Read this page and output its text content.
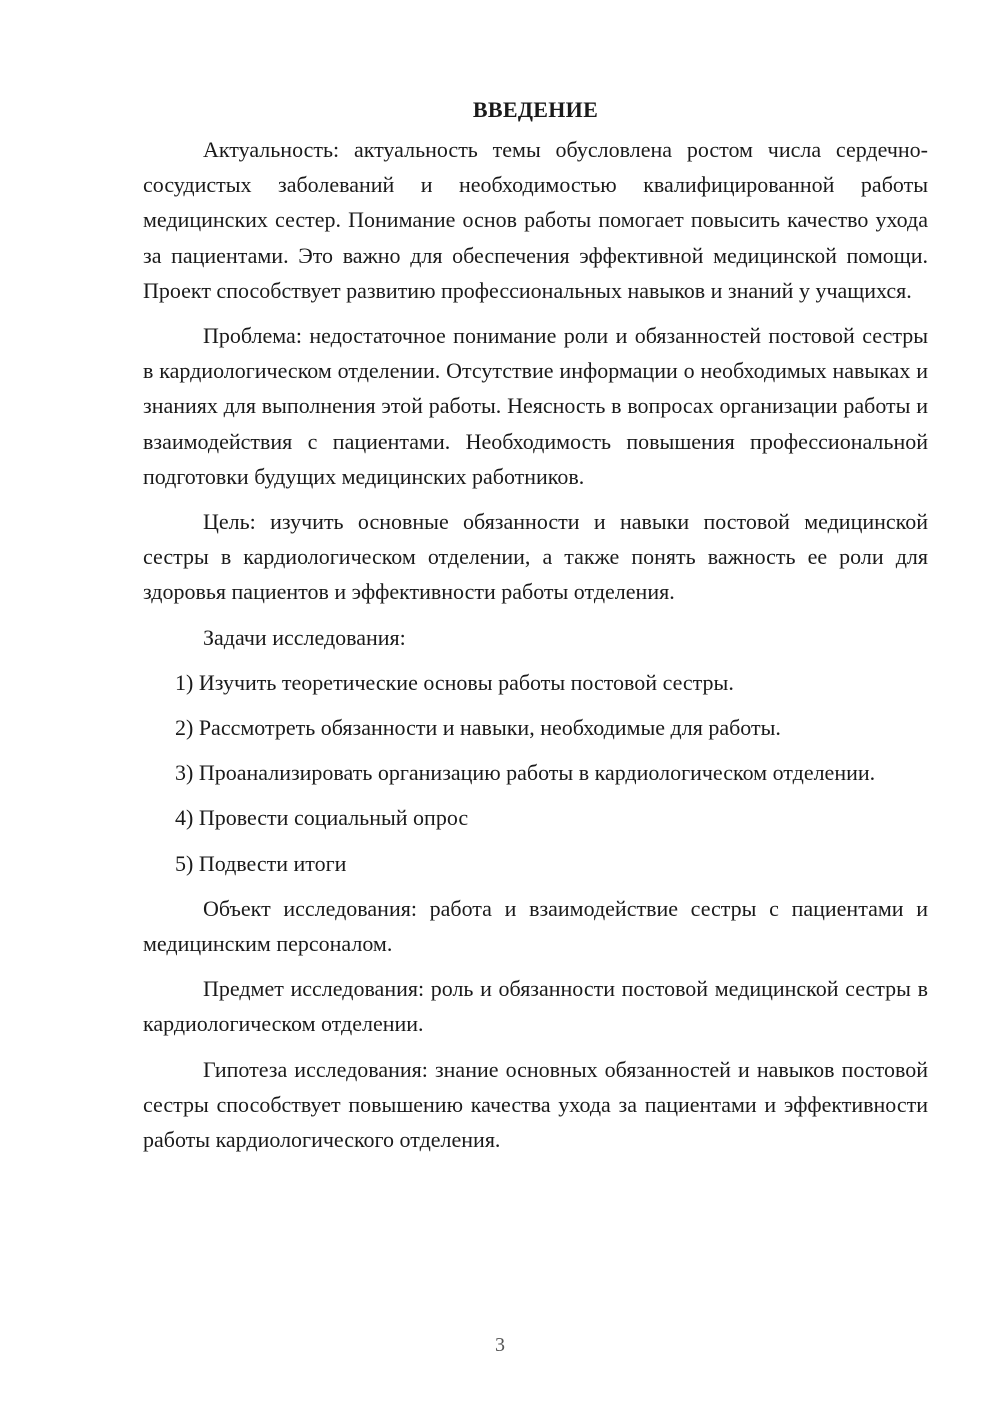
ВВЕДЕНИЕ

Актуальность: актуальность темы обусловлена ростом числа сердечно-сосудистых заболеваний и необходимостью квалифицированной работы медицинских сестер. Понимание основ работы помогает повысить качество ухода за пациентами. Это важно для обеспечения эффективной медицинской помощи. Проект способствует развитию профессиональных навыков и знаний у учащихся.

Проблема: недостаточное понимание роли и обязанностей постовой сестры в кардиологическом отделении. Отсутствие информации о необходимых навыках и знаниях для выполнения этой работы. Неясность в вопросах организации работы и взаимодействия с пациентами. Необходимость повышения профессиональной подготовки будущих медицинских работников.

Цель: изучить основные обязанности и навыки постовой медицинской сестры в кардиологическом отделении, а также понять важность ее роли для здоровья пациентов и эффективности работы отделения.

Задачи исследования:

1) Изучить теоретические основы работы постовой сестры.

2) Рассмотреть обязанности и навыки, необходимые для работы.

3) Проанализировать организацию работы в кардиологическом отделении.

4) Провести социальный опрос

5) Подвести итоги

Объект исследования: работа и взаимодействие сестры с пациентами и медицинским персоналом.

Предмет исследования: роль и обязанности постовой медицинской сестры в кардиологическом отделении.

Гипотеза исследования: знание основных обязанностей и навыков постовой сестры способствует повышению качества ухода за пациентами и эффективности работы кардиологического отделения.

3
